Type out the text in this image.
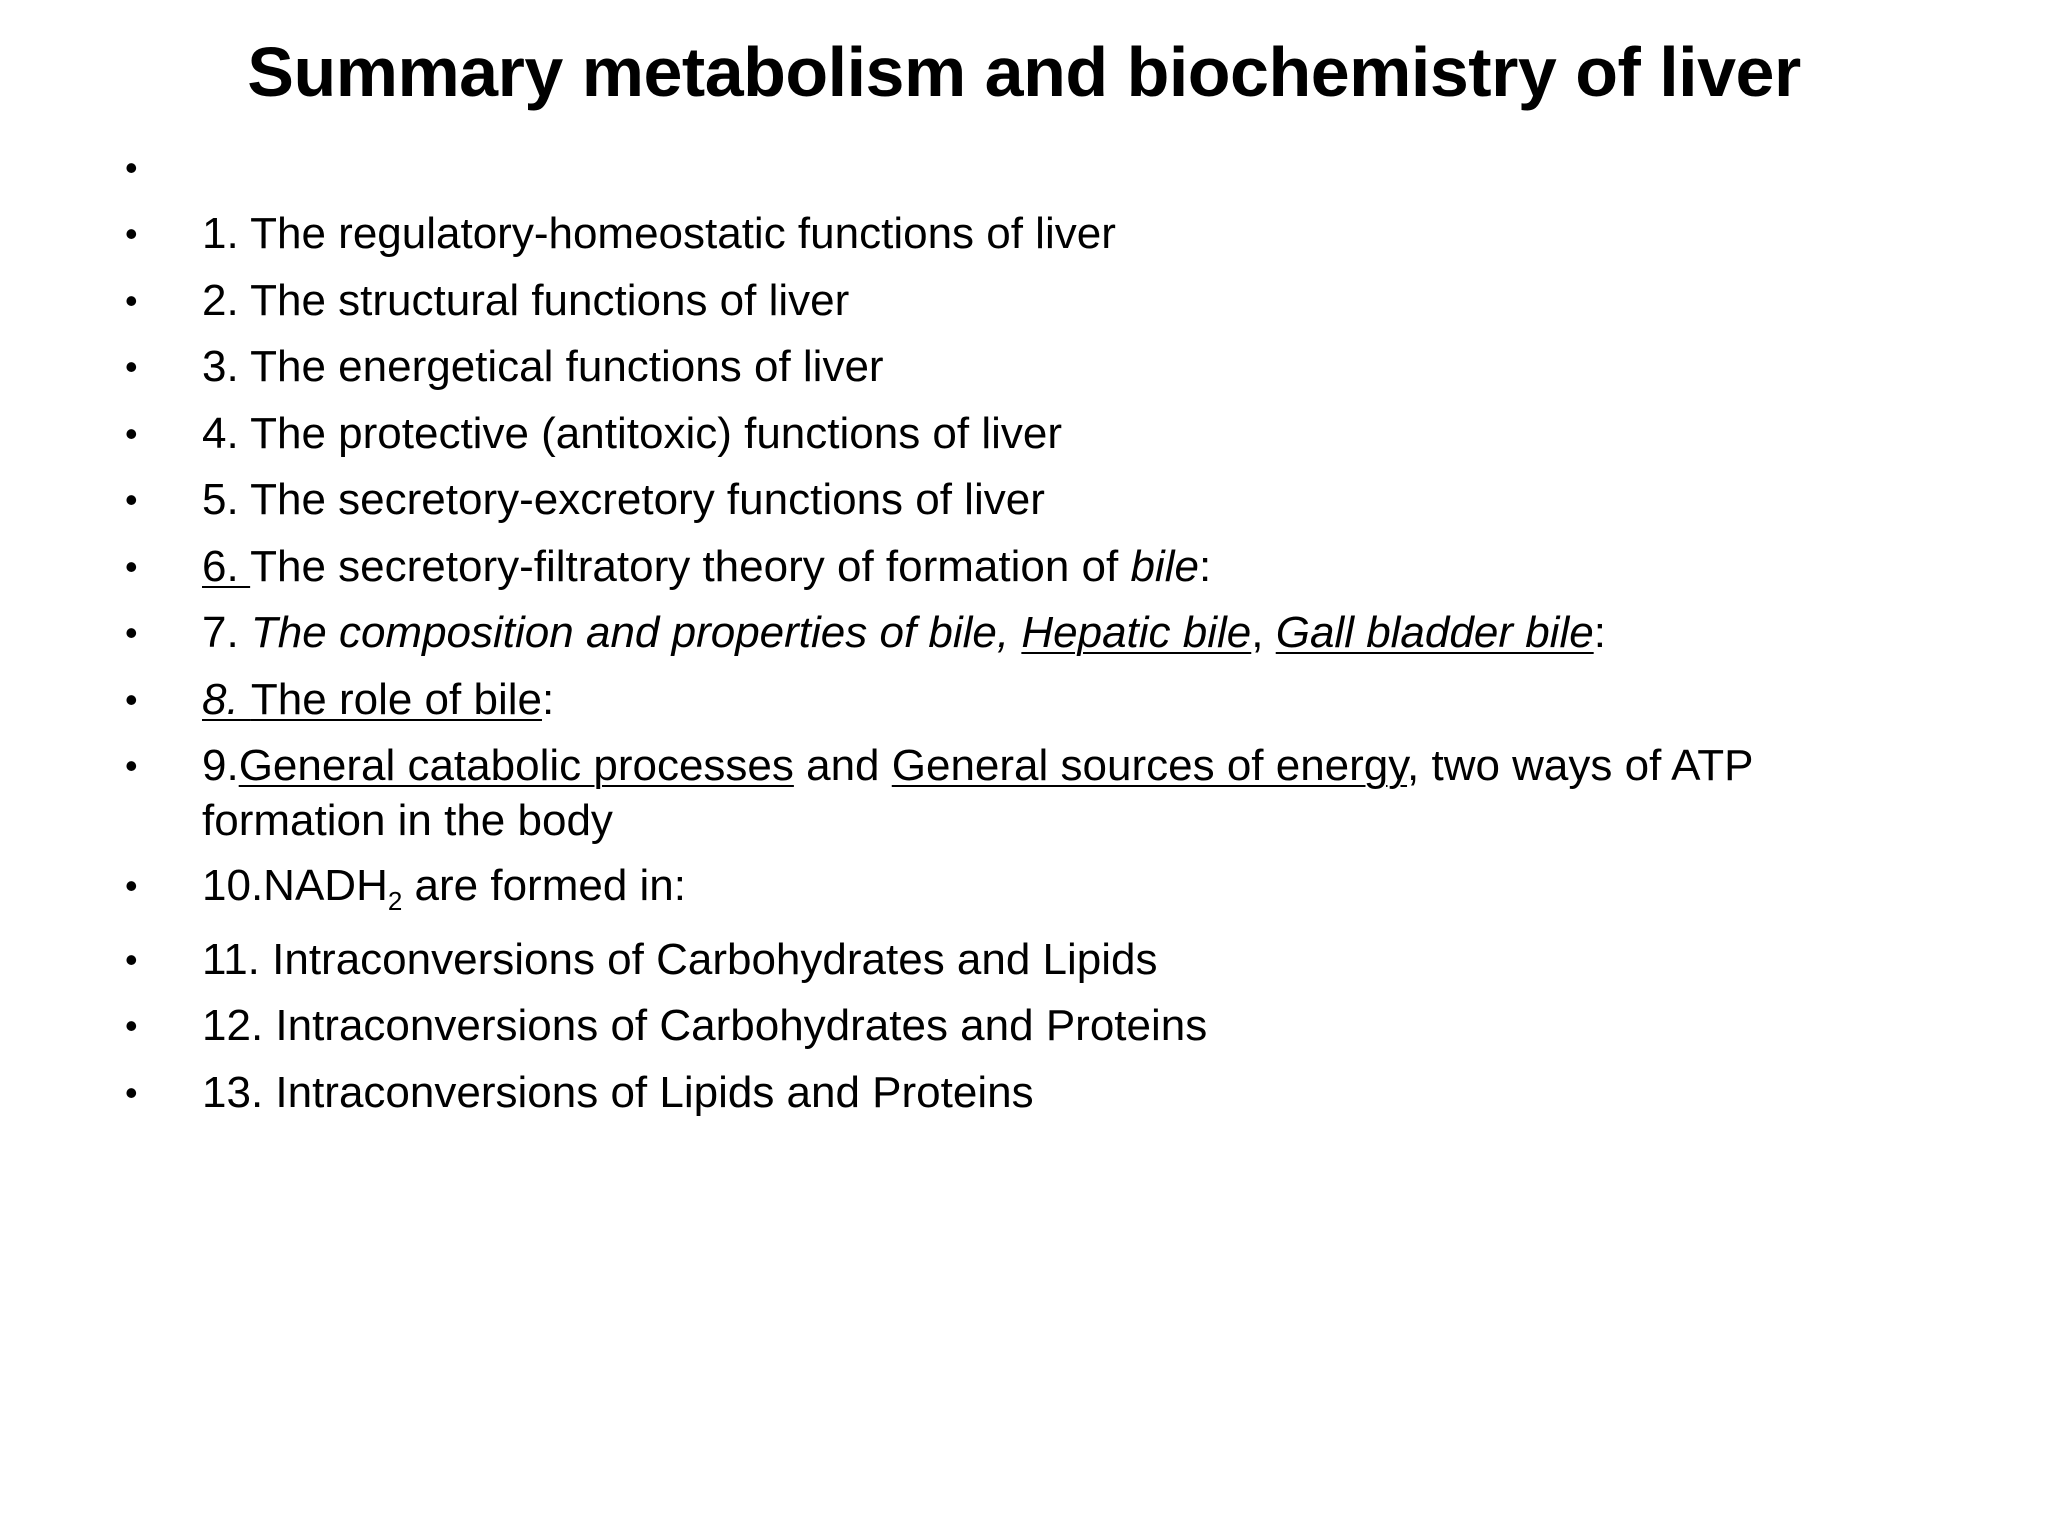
Summary metabolism and biochemistry of liver
•
•	1. The regulatory-homeostatic functions of liver
•	2. The structural functions of liver
•	3. The energetical functions of liver
•	4. The protective (antitoxic) functions of liver
•	5. The secretory-excretory functions of liver
•	6. The secretory-filtratory theory of formation of bile:
•	7. The composition and properties of bile, Hepatic bile, Gall bladder bile:
•	8. The role of bile:
•	9.General catabolic processes and General sources of energy, two ways of ATP formation in the body
•	$10.NADH_2$ are formed in:
•	11. Intraconversions of Carbohydrates and Lipids
•	12. Intraconversions of Carbohydrates and Proteins
•	13. Intraconversions of Lipids and Proteins
